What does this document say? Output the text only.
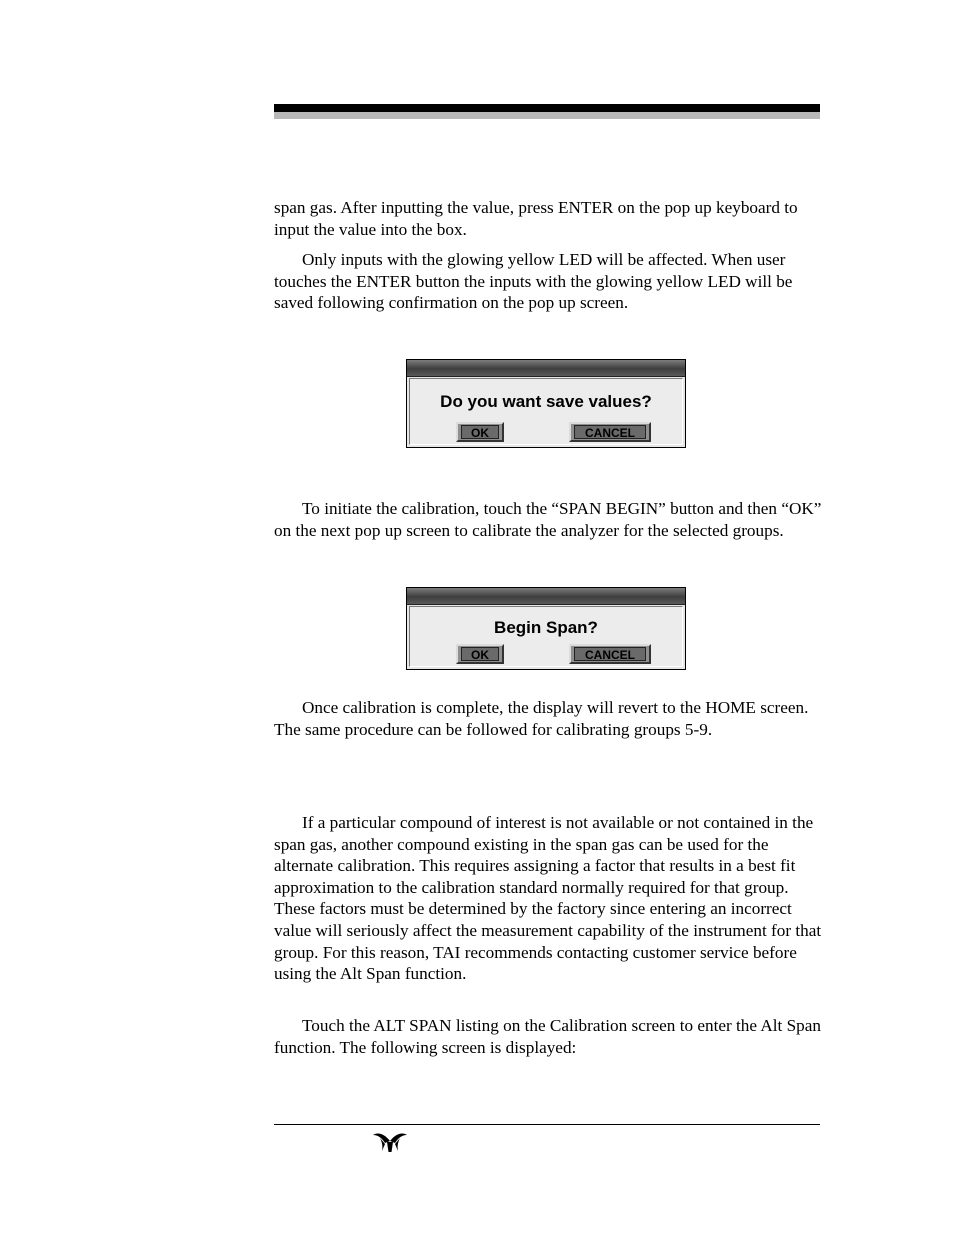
span gas. After inputting the value, press ENTER on the pop up keyboard to input the value into the box.

Only inputs with the glowing yellow LED will be affected. When user touches the ENTER button the inputs with the glowing yellow LED will be saved following confirmation on the pop up screen.

Do you want save values?
OK	CANCEL

To initiate the calibration, touch the “SPAN BEGIN” button and then “OK” on the next pop up screen to calibrate the analyzer for the selected groups.

Begin Span?
OK	CANCEL

Once calibration is complete, the display will revert to the HOME screen. The same procedure can be followed for calibrating groups 5-9.

If a particular compound of interest is not available or not contained in the span gas, another compound existing in the span gas can be used for the alternate calibration. This requires assigning a factor that results in a best fit approximation to the calibration standard normally required for that group. These factors must be determined by the factory since entering an incorrect value will seriously affect the measurement capability of the instrument for that group. For this reason, TAI recommends contacting customer service before using the Alt Span function.

Touch the ALT SPAN listing on the Calibration screen to enter the Alt Span function. The following screen is displayed:
